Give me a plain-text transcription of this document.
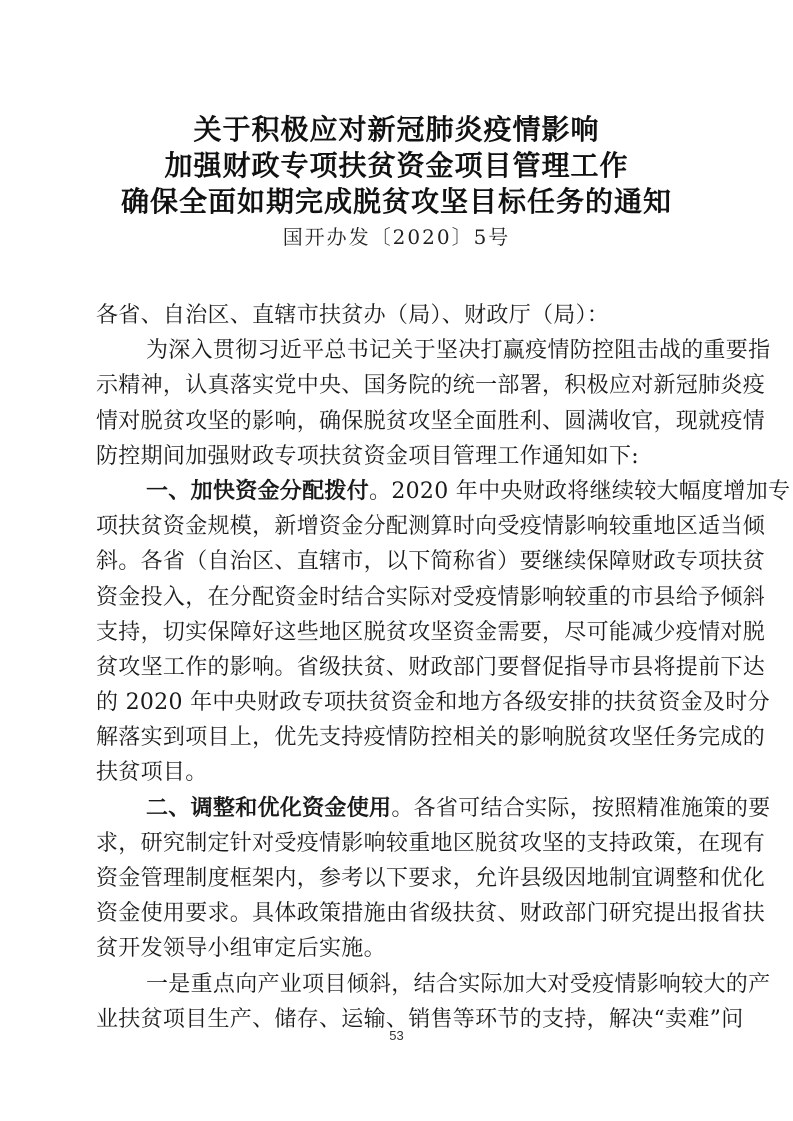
关于积极应对新冠肺炎疫情影响
加强财政专项扶贫资金项目管理工作
确保全面如期完成脱贫攻坚目标任务的通知
国开办发〔2020〕5号
各省、自治区、直辖市扶贫办（局）、财政厅（局）：
为深入贯彻习近平总书记关于坚决打赢疫情防控阻击战的重要指
示精神，认真落实党中央、国务院的统一部署，积极应对新冠肺炎疫
情对脱贫攻坚的影响，确保脱贫攻坚全面胜利、圆满收官，现就疫情
防控期间加强财政专项扶贫资金项目管理工作通知如下:
一、加快资金分配拨付。2020 年中央财政将继续较大幅度增加专
项扶贫资金规模，新增资金分配测算时向受疫情影响较重地区适当倾
斜。各省（自治区、直辖市，以下简称省）要继续保障财政专项扶贫
资金投入，在分配资金时结合实际对受疫情影响较重的市县给予倾斜
支持，切实保障好这些地区脱贫攻坚资金需要，尽可能减少疫情对脱
贫攻坚工作的影响。省级扶贫、财政部门要督促指导市县将提前下达
的 2020 年中央财政专项扶贫资金和地方各级安排的扶贫资金及时分
解落实到项目上，优先支持疫情防控相关的影响脱贫攻坚任务完成的
扶贫项目。
二、调整和优化资金使用。各省可结合实际，按照精准施策的要
求，研究制定针对受疫情影响较重地区脱贫攻坚的支持政策，在现有
资金管理制度框架内，参考以下要求，允许县级因地制宜调整和优化
资金使用要求。具体政策措施由省级扶贫、财政部门研究提出报省扶
贫开发领导小组审定后实施。
一是重点向产业项目倾斜，结合实际加大对受疫情影响较大的产
业扶贫项目生产、储存、运输、销售等环节的支持，解决“卖难”问
53
